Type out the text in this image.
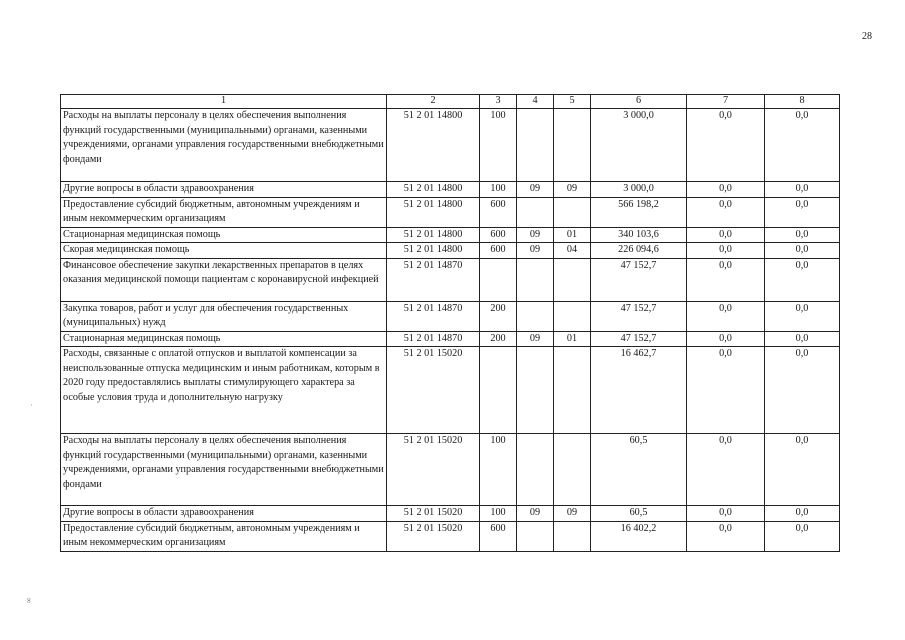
28
1	2	3	4	5	6	7	8
Расходы на выплаты персоналу в целях обеспечения выполнения функций государственными (муниципальными) органами, казенными учреждениями, органами управления государственными внебюджетными фондами	51 2 01 14800	100			3 000,0	0,0	0,0
Другие вопросы в области здравоохранения	51 2 01 14800	100	09	09	3 000,0	0,0	0,0
Предоставление субсидий бюджетным, автономным учреждениям и иным некоммерческим организациям	51 2 01 14800	600			566 198,2	0,0	0,0
Стационарная медицинская помощь	51 2 01 14800	600	09	01	340 103,6	0,0	0,0
Скорая медицинская помощь	51 2 01 14800	600	09	04	226 094,6	0,0	0,0
Финансовое обеспечение закупки лекарственных препаратов в целях оказания медицинской помощи пациентам с коронавирусной инфекцией	51 2 01 14870				47 152,7	0,0	0,0
Закупка товаров, работ и услуг для обеспечения государственных (муниципальных) нужд	51 2 01 14870	200			47 152,7	0,0	0,0
Стационарная медицинская помощь	51 2 01 14870	200	09	01	47 152,7	0,0	0,0
Расходы, связанные с оплатой отпусков и выплатой компенсации за неиспользованные отпуска медицинским и иным работникам, которым в 2020 году предоставлялись выплаты стимулирующего характера за особые условия труда и дополнительную нагрузку	51 2 01 15020				16 462,7	0,0	0,0
Расходы на выплаты персоналу в целях обеспечения выполнения функций государственными (муниципальными) органами, казенными учреждениями, органами управления государственными внебюджетными фондами	51 2 01 15020	100			60,5	0,0	0,0
Другие вопросы в области здравоохранения	51 2 01 15020	100	09	09	60,5	0,0	0,0
Предоставление субсидий бюджетным, автономным учреждениям и иным некоммерческим организациям	51 2 01 15020	600			16 402,2	0,0	0,0
·
∞
